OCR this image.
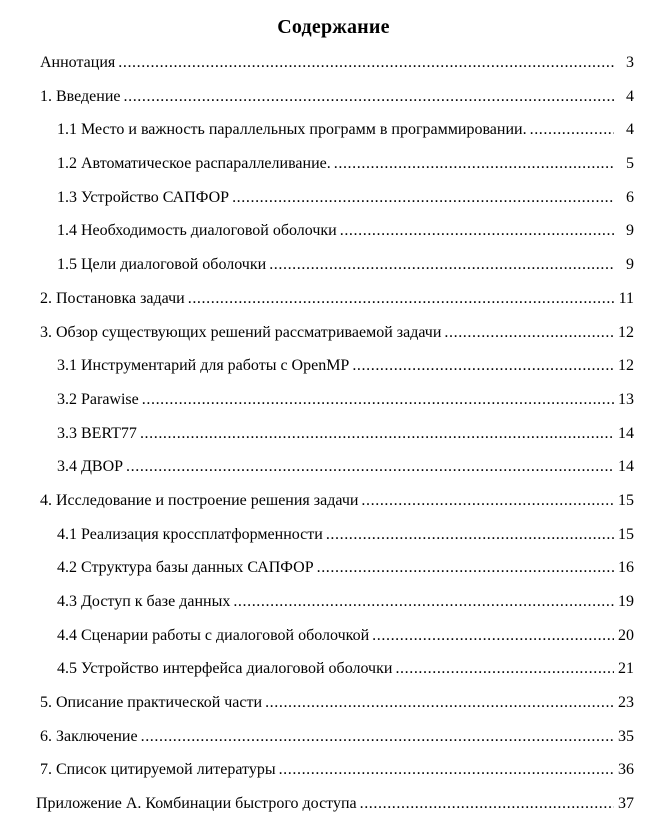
Содержание
Аннотация .....	3
1. Введение .....	4
1.1 Место и важность параллельных программ в программировании. .....	4
1.2 Автоматическое распараллеливание. .....	5
1.3 Устройство САПФОР .....	6
1.4 Необходимость диалоговой оболочки .....	9
1.5 Цели диалоговой оболочки .....	9
2. Постановка задачи .....	11
3. Обзор существующих решений рассматриваемой задачи .....	12
3.1 Инструментарий для работы с OpenMP .....	12
3.2 Parawise .....	13
3.3 BERT77 .....	14
3.4 ДВОР .....	14
4. Исследование и построение решения задачи .....	15
4.1 Реализация кроссплатформенности .....	15
4.2 Структура базы данных САПФОР .....	16
4.3 Доступ к базе данных .....	19
4.4 Сценарии работы с диалоговой оболочкой .....	20
4.5 Устройство интерфейса диалоговой оболочки .....	21
5. Описание практической части .....	23
6. Заключение .....	35
7. Список цитируемой литературы .....	36
Приложение А. Комбинации быстрого доступа .....	37
